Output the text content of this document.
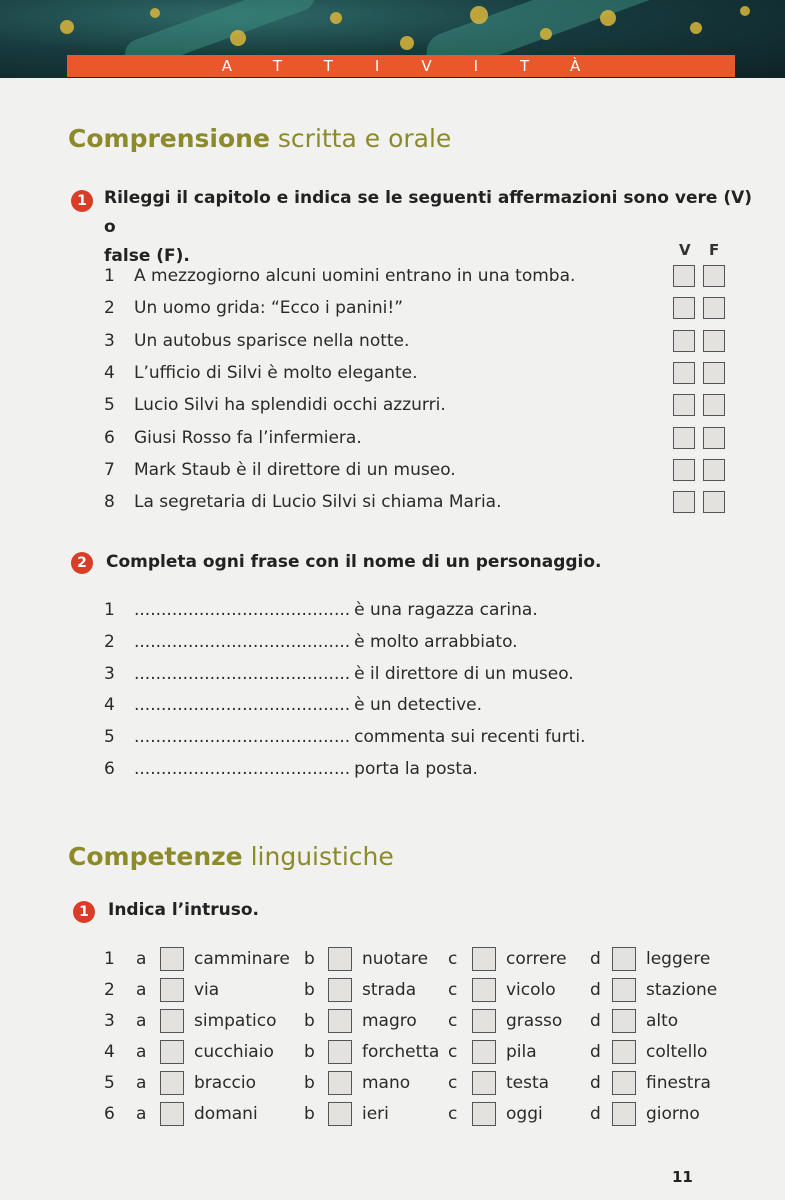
ATTIVITÀ
Comprensione scritta e orale
1	Rileggi il capitolo e indica se le seguenti affermazioni sono vere (V) o
false (F).	V F
1 A mezzogiorno alcuni uomini entrano in una tomba.
2 Un uomo grida: “Ecco i panini!”
3 Un autobus sparisce nella notte.
4 L’ufficio di Silvi è molto elegante.
5 Lucio Silvi ha splendidi occhi azzurri.
6 Giusi Rosso fa l’infermiera.
7 Mark Staub è il direttore di un museo.
8 La segretaria di Lucio Silvi si chiama Maria.
2	Completa ogni frase con il nome di un personaggio.
1 ........................................ è una ragazza carina.
2 ........................................ è molto arrabbiato.
3 ........................................ è il direttore di un museo.
4 ........................................ è un detective.
5 ........................................ commenta sui recenti furti.
6 ........................................ porta la posta.
Competenze linguistiche
1	Indica l’intruso.
1 a	camminare b	nuotare c	correre d	leggere
2 a	via	b	strada c	vicolo d	stazione
3 a	simpatico b	magro c	grasso d	alto
4 a	cucchiaio b	forchetta c	pila	d	coltello
5 a	braccio	b	mano c	testa d	finestra
6 a	domani	b	ieri	c	oggi	d	giorno
11
